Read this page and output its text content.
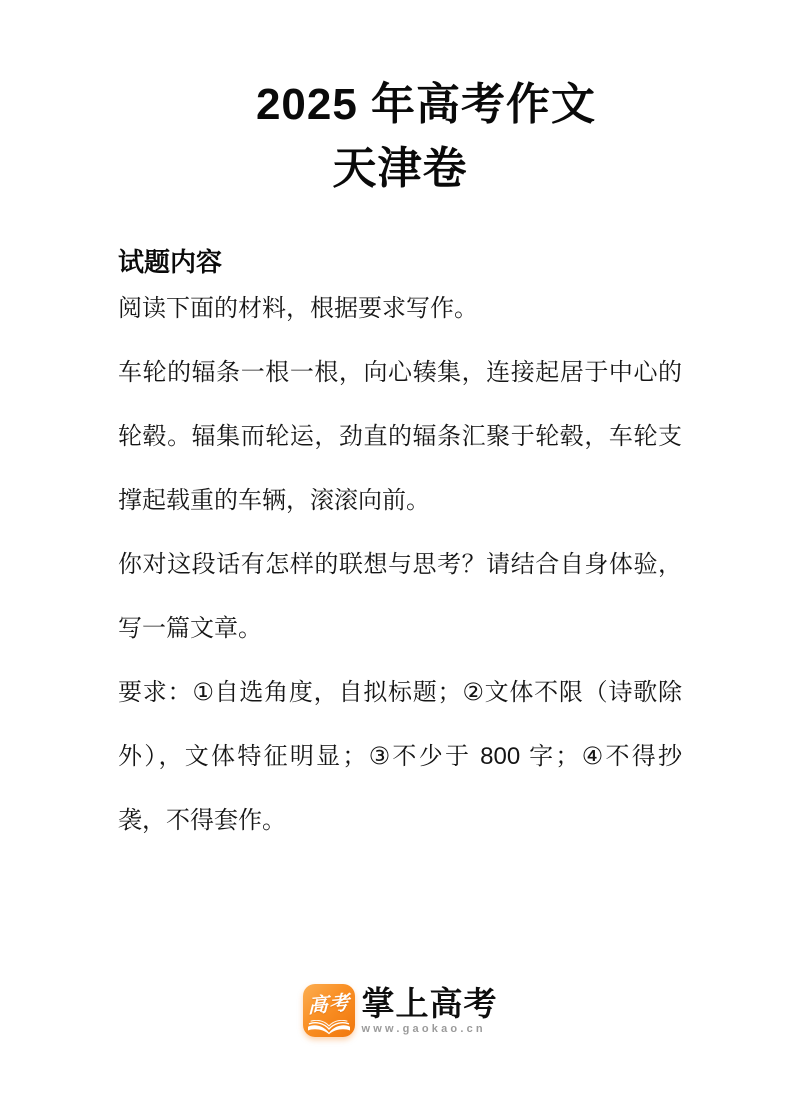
2025 年高考作文
天津卷
试题内容

阅读下面的材料，根据要求写作。

车轮的辐条一根一根，向心辏集，连接起居于中心的轮毂。辐集而轮运，劲直的辐条汇聚于轮毂，车轮支撑起载重的车辆，滚滚向前。

你对这段话有怎样的联想与思考？请结合自身体验，写一篇文章。

要求：①自选角度，自拟标题；②文体不限（诗歌除外），文体特征明显；③不少于 800 字；④不得抄袭，不得套作。

高考 掌上高考
www.gaokao.cn
